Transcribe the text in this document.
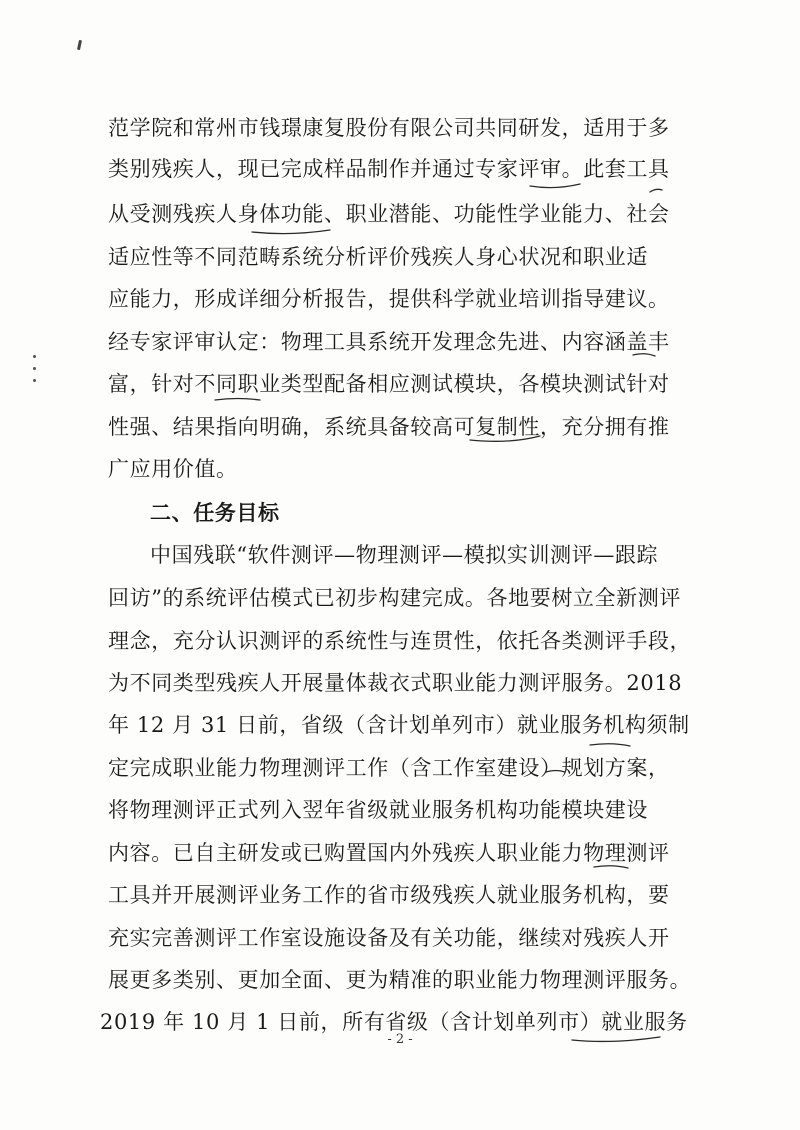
范学院和常州市钱璟康复股份有限公司共同研发，适用于多
类别残疾人，现已完成样品制作并通过专家评审。此套工具
从受测残疾人身体功能、职业潜能、功能性学业能力、社会
适应性等不同范畴系统分析评价残疾人身心状况和职业适
应能力，形成详细分析报告，提供科学就业培训指导建议。
经专家评审认定：物理工具系统开发理念先进、内容涵盖丰
富，针对不同职业类型配备相应测试模块，各模块测试针对
性强、结果指向明确，系统具备较高可复制性，充分拥有推
广应用价值。
二、任务目标
中国残联“软件测评—物理测评—模拟实训测评—跟踪
回访”的系统评估模式已初步构建完成。各地要树立全新测评
理念，充分认识测评的系统性与连贯性，依托各类测评手段，
为不同类型残疾人开展量体裁衣式职业能力测评服务。2018
年 12 月 31 日前，省级（含计划单列市）就业服务机构须制
定完成职业能力物理测评工作（含工作室建设）规划方案，
将物理测评正式列入翌年省级就业服务机构功能模块建设
内容。已自主研发或已购置国内外残疾人职业能力物理测评
工具并开展测评业务工作的省市级残疾人就业服务机构，要
充实完善测评工作室设施设备及有关功能，继续对残疾人开
展更多类别、更加全面、更为精准的职业能力物理测评服务。
2019 年 10 月 1 日前，所有省级（含计划单列市）就业服务
- 2 -
